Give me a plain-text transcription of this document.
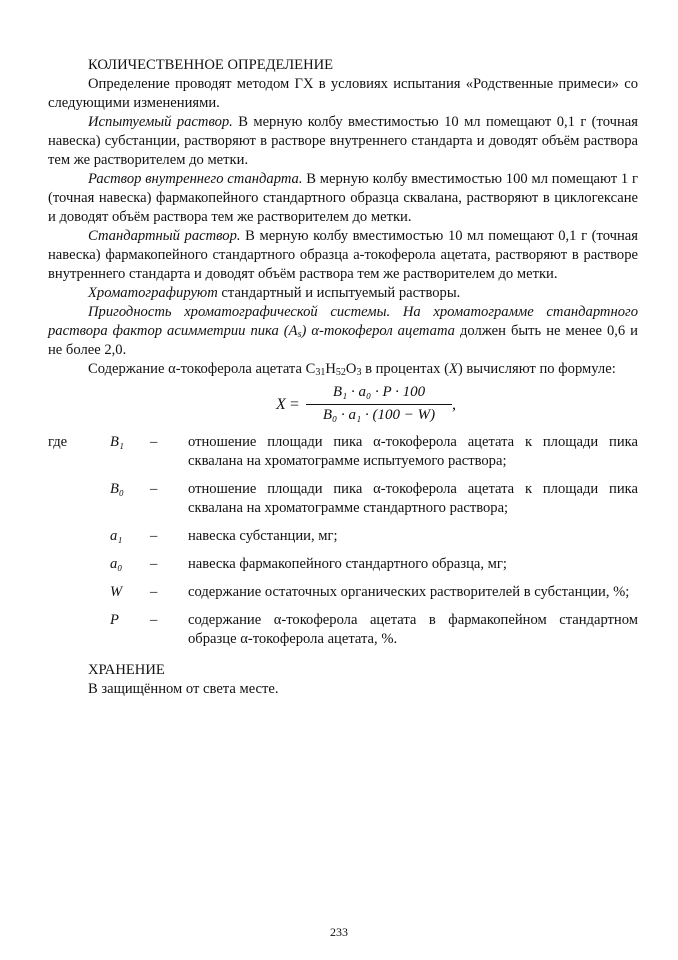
КОЛИЧЕСТВЕННОЕ ОПРЕДЕЛЕНИЕ

Определение проводят методом ГХ в условиях испытания «Родственные примеси» со следующими изменениями.

Испытуемый раствор. В мерную колбу вместимостью 10 мл помещают 0,1 г (точная навеска) субстанции, растворяют в растворе внутреннего стандарта и доводят объём раствора тем же растворителем до метки.

Раствор внутреннего стандарта. В мерную колбу вместимостью 100 мл помещают 1 г (точная навеска) фармакопейного стандартного образца сквалана, растворяют в циклогексане и доводят объём раствора тем же растворителем до метки.

Стандартный раствор. В мерную колбу вместимостью 10 мл помещают 0,1 г (точная навеска) фармакопейного стандартного образца а-токоферола ацетата, растворяют в растворе внутреннего стандарта и доводят объём раствора тем же растворителем до метки.

Хроматографируют стандартный и испытуемый растворы.

Пригодность хроматографической системы. На хроматограмме стандартного раствора фактор асимметрии пика $(A_s)$ α-токоферол ацетата должен быть не менее 0,6 и не более 2,0.

Содержание α-токоферола ацетата $C_{31}H_{52}O_3$ в процентах (X) вычисляют по формуле:

X =
B₁ · a₀ · P · 100
B₀ · a₁ · (100 − W)
,
где	B₁	–	отношение площади пика α-токоферола ацетата к площади пика сквалана на хроматограмме испытуемого раствора;
B₀	–	отношение площади пика α-токоферола ацетата к площади пика сквалана на хроматограмме стандартного раствора;
a₁	–	навеска субстанции, мг;
a₀	–	навеска фармакопейного стандартного образца, мг;
W	–	содержание остаточных органических растворителей в субстанции, %;
P	–	содержание α-токоферола ацетата в фармакопейном стандартном образце α-токоферола ацетата, %.
ХРАНЕНИЕ
В защищённом от света месте.
233
